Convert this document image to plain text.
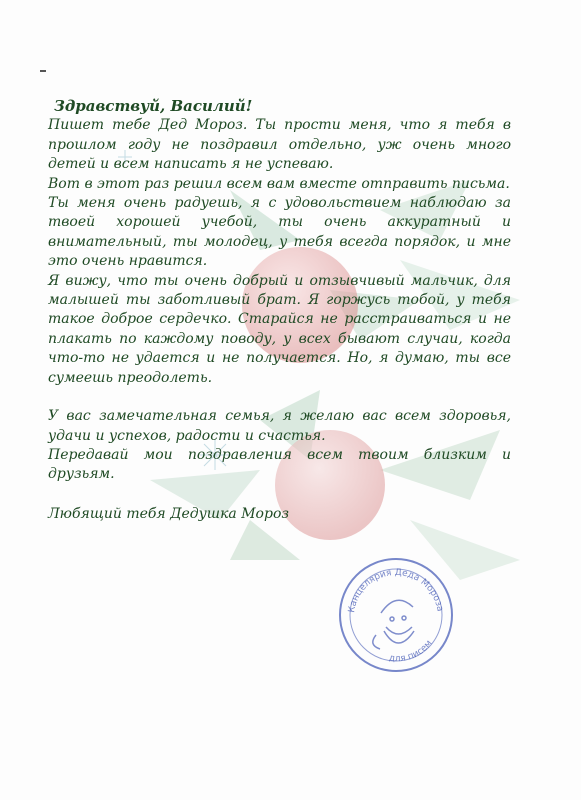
Здравствуй, Василий!

Пишет тебе Дед Мороз. Ты прости меня, что я тебя в прошлом году не поздравил отдельно, уж очень много детей и всем написать я не успеваю.

Вот в этот раз решил всем вам вместе отправить письма.

Ты меня очень радуешь, я с удовольствием наблюдаю за твоей хорошей учебой, ты очень аккуратный и внимательный, ты молодец, у тебя всегда порядок, и мне это очень нравится.

Я вижу, что ты очень добрый и отзывчивый мальчик, для малышей ты заботливый брат. Я горжусь тобой, у тебя такое доброе сердечко. Старайся не расстраиваться и не плакать по каждому поводу, у всех бывают случаи, когда что-то не удается и не получается. Но, я думаю, ты все сумеешь преодолеть.

У вас замечательная семья, я желаю вас всем здоровья, удачи и успехов, радости и счастья.

Передавай мои поздравления всем твоим близким и друзьям.

Любящий тебя Дедушка Мороз

Канцелярия Деда Мороза
для писем
